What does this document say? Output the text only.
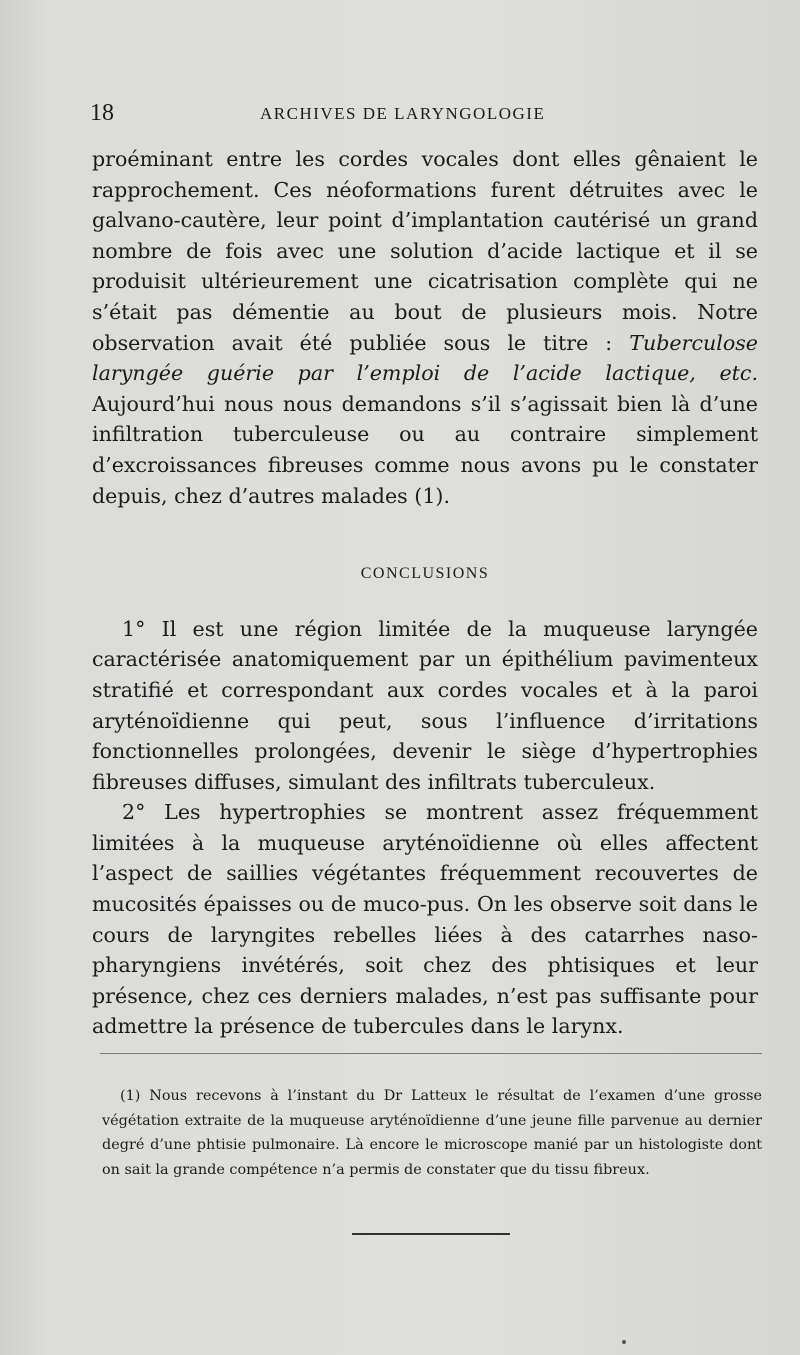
18	ARCHIVES DE LARYNGOLOGIE

proéminant entre les cordes vocales dont elles gênaient le rapprochement. Ces néoformations furent détruites avec le galvano-cautère, leur point d’implantation cautérisé un grand nombre de fois avec une solution d’acide lactique et il se produisit ultérieurement une cicatrisation complète qui ne s’était pas démentie au bout de plusieurs mois. Notre observation avait été publiée sous le titre : Tuberculose laryngée guérie par l’emploi de l’acide lactique, etc. Aujourd’hui nous nous demandons s’il s’agissait bien là d’une infiltration tuberculeuse ou au contraire simplement d’excroissances fibreuses comme nous avons pu le constater depuis, chez d’autres malades (1).

CONCLUSIONS

1° Il est une région limitée de la muqueuse laryngée caractérisée anatomiquement par un épithélium pavimenteux stratifié et correspondant aux cordes vocales et à la paroi aryténoïdienne qui peut, sous l’influence d’irritations fonctionnelles prolongées, devenir le siège d’hypertrophies fibreuses diffuses, simulant des infiltrats tuberculeux.

2° Les hypertrophies se montrent assez fréquemment limitées à la muqueuse aryténoïdienne où elles affectent l’aspect de saillies végétantes fréquemment recouvertes de mucosités épaisses ou de muco-pus. On les observe soit dans le cours de laryngites rebelles liées à des catarrhes naso-pharyngiens invétérés, soit chez des phtisiques et leur présence, chez ces derniers malades, n’est pas suffisante pour admettre la présence de tubercules dans le larynx.

(1) Nous recevons à l’instant du Dr Latteux le résultat de l’examen d’une grosse végétation extraite de la muqueuse aryténoïdienne d’une jeune fille parvenue au dernier degré d’une phtisie pulmonaire. Là encore le microscope manié par un histologiste dont on sait la grande compétence n’a permis de constater que du tissu fibreux.
